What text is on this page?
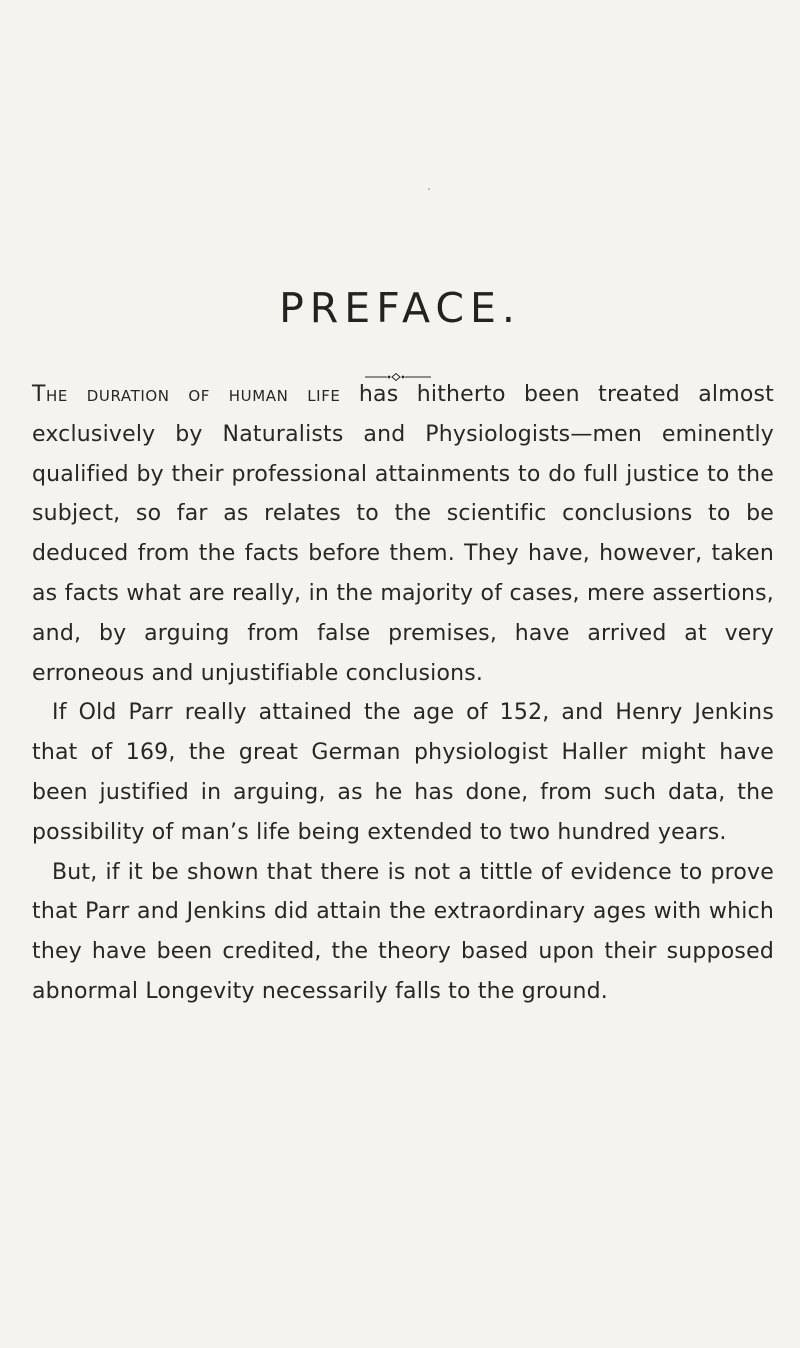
PREFACE.

The duration of human life has hitherto been treated almost exclusively by Naturalists and Physiologists—men eminently qualified by their professional attainments to do full justice to the subject, so far as relates to the scientific conclusions to be deduced from the facts before them. They have, however, taken as facts what are really, in the majority of cases, mere assertions, and, by arguing from false premises, have arrived at very erroneous and unjustifiable conclusions.

If Old Parr really attained the age of 152, and Henry Jenkins that of 169, the great German physiologist Haller might have been justified in arguing, as he has done, from such data, the possibility of man’s life being extended to two hundred years.

But, if it be shown that there is not a tittle of evidence to prove that Parr and Jenkins did attain the extraordinary ages with which they have been credited, the theory based upon their supposed abnormal Longevity necessarily falls to the ground.
